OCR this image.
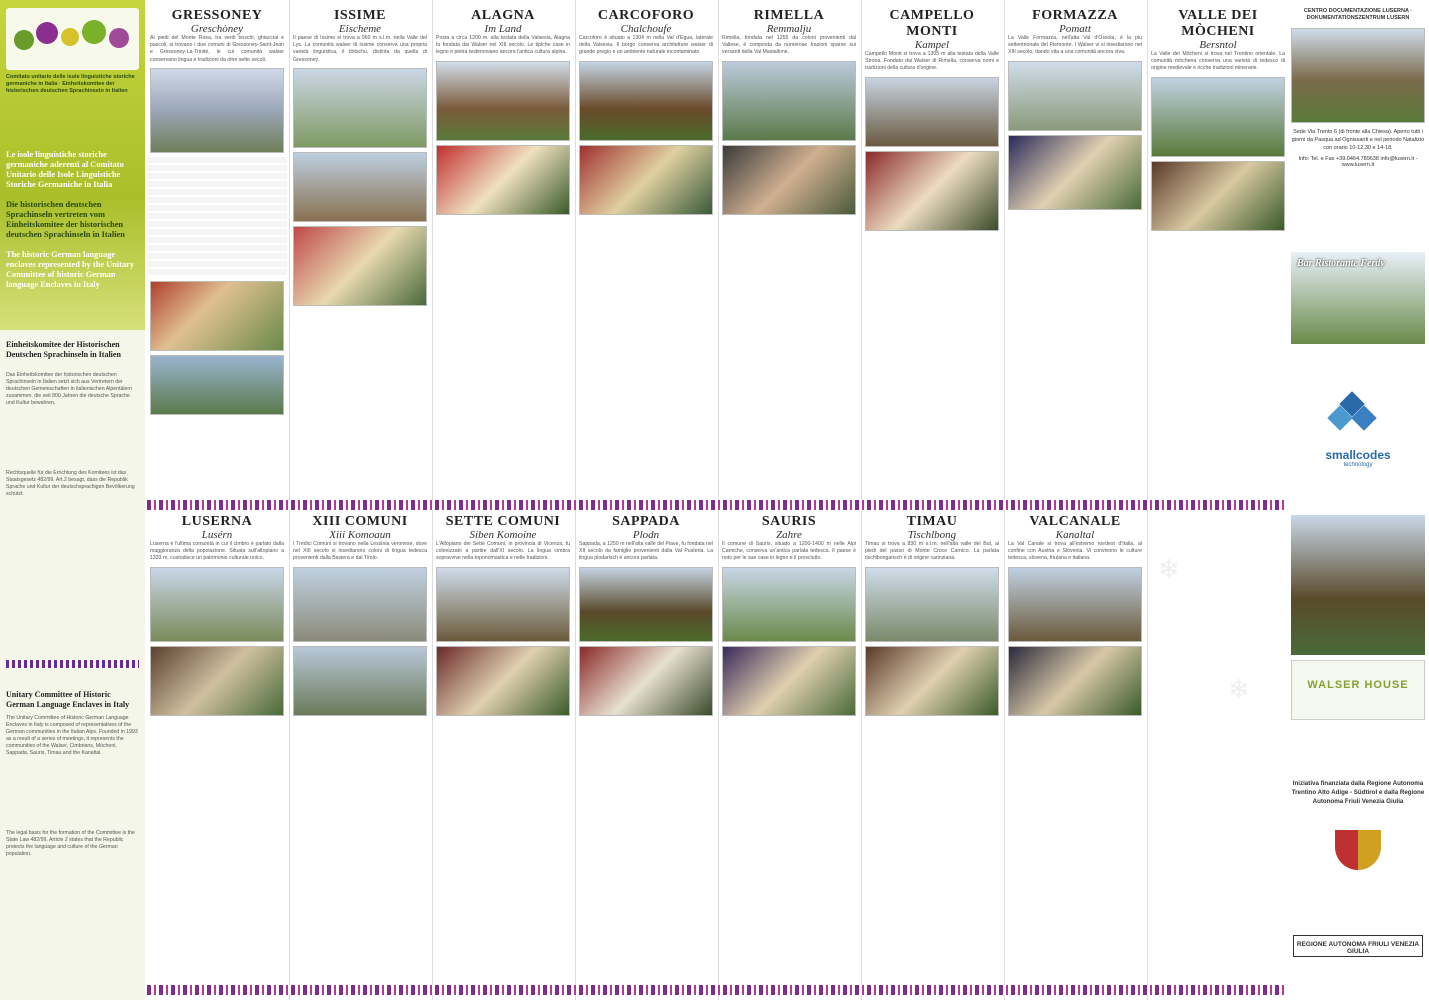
Comitato unitario delle isole linguistiche storiche germaniche in Italia · Einheitskomitee der historischen deutschen Sprachinseln in Italien
Le isole linguistiche storiche germaniche aderenti al Comitato Unitario delle Isole Linguistiche Storiche Germaniche in Italia
Die historischen deutschen Sprachinseln vertreten vom Einheitskomitee der historischen deutschen Sprachinseln in Italien
The historic German language enclaves represented by the Unitary Committee of historic German language Enclaves in Italy
Einheitskomitee der Historischen Deutschen Sprachinseln in Italien
Das Einheitskomitee der historischen deutschen Sprachinseln in Italien setzt sich aus Vertretern der deutschen Gemeinschaften in italienischen Alpentälern zusammen, die seit 800 Jahren die deutsche Sprache und Kultur bewahren.
Rechtsquelle für die Errichtung des Komitees ist das Staatsgesetz 482/99. Art.2 besagt, dass die Republik Sprache und Kultur der deutschsprachigen Bevölkerung schützt.
Unitary Committee of Historic German Language Enclaves in Italy
The Unitary Committee of Historic German Language Enclaves in Italy is composed of representatives of the German communities in the Italian Alps. Founded in 1993 as a result of a series of meetings, it represents the communities of the Walser, Cimbrians, Mòcheni, Sappada, Sauris, Timau and the Kanaltal.
The legal basis for the formation of the Committee is the State Law 482/99. Article 2 states that the Republic protects the language and culture of the German population.
GRESSONEY
Greschòney
Ai piedi del Monte Rosa, tra verdi boschi, ghiacciai e pascoli, si trovano i due comuni di Gressoney-Saint-Jean e Gressoney-La-Trinité, le cui comunità walser conservano lingua e tradizioni da oltre sette secoli.
ISSIME
Eischeme
Il paese di Issime si trova a 960 m s.l.m. nella Valle del Lys. La comunità walser di Issime conserva una propria varietà linguistica, il töitschu, distinta da quella di Gressoney.
ALAGNA
Im Land
Posta a circa 1200 m. alla testata della Valsesia, Alagna fu fondata dai Walser nel XIII secolo. Le tipiche case in legno e pietra testimoniano ancora l'antica cultura alpina.
CARCOFORO
Chalchoufe
Carcoforo è situato a 1304 m nella Val d'Egua, laterale della Valsesia. Il borgo conserva architetture walser di grande pregio e un ambiente naturale incontaminato.
RIMELLA
Remmalju
Rimella, fondata nel 1255 da coloni provenienti dal Vallese, è composta da numerose frazioni sparse sui versanti della Val Mastallone.
CAMPELLO MONTI
Kampel
Campello Monti si trova a 1305 m alla testata della Valle Strona. Fondato dai Walser di Rimella, conserva nomi e tradizioni della cultura d'origine.
FORMAZZA
Pomatt
La Valle Formazza, nell'alta Val d'Ossola, è la più settentrionale del Piemonte. I Walser vi si insediarono nel XIII secolo, dando vita a una comunità ancora viva.
VALLE DEI MÒCHENI
Bersntol
La Valle dei Mòcheni si trova nel Trentino orientale. La comunità mòchena conserva una varietà di tedesco di origine medievale e ricche tradizioni minerarie.
LUSERNA
Lusérn
Luserna è l'ultima comunità in cui il cimbro è parlato dalla maggioranza della popolazione. Situata sull'altopiano a 1333 m, custodisce un patrimonio culturale unico.
XIII COMUNI
Xiii Komoaun
I Tredici Comuni si trovano nella Lessinia veronese, dove nel XIII secolo si insediarono coloni di lingua tedesca provenienti dalla Baviera e dal Tirolo.
SETTE COMUNI
Siben Komoine
L'Altopiano dei Sette Comuni, in provincia di Vicenza, fu colonizzato a partire dall'XI secolo. La lingua cimbra sopravvive nella toponomastica e nelle tradizioni.
SAPPADA
Plodn
Sappada, a 1250 m nell'alta valle del Piave, fu fondata nel XII secolo da famiglie provenienti dalla Val Pusteria. La lingua plodarisch è ancora parlata.
SAURIS
Zahre
Il comune di Sauris, situato a 1200-1400 m nelle Alpi Carniche, conserva un'antica parlata tedesca. Il paese è noto per le sue case in legno e il prosciutto.
TIMAU
Tischlbong
Timau si trova a 830 m s.l.m. nell'alta valle del But, ai piedi del passo di Monte Croce Carnico. La parlata tischlbongarisch è di origine carinziana.
VALCANALE
Kanaltal
La Val Canale si trova all'estremo nordest d'Italia, al confine con Austria e Slovenia. Vi convivono le culture tedesca, slovena, friulana e italiana.	❄
❄
CENTRO DOCUMENTAZIONE LUSERNA · DOKUMENTATIONSZENTRUM LUSERN
Sede Via Trento 6 (di fronte alla Chiesa). Aperto tutti i giorni da Pasqua ad Ognissanti e nel periodo Natalizio con orario 10-12.30 e 14-18.
Info: Tel. e Fax +39.0464.789638 info@lusern.it - www.lusern.it
Bar Ristorante Ferdy
smallcodes
technology
WALSER HOUSE
Iniziativa finanziata dalla Regione Autonoma Trentino Alto Adige - Südtirol e dalla Regione Autonoma Friuli Venezia Giulia
REGIONE AUTONOMA FRIULI VENEZIA GIULIA
